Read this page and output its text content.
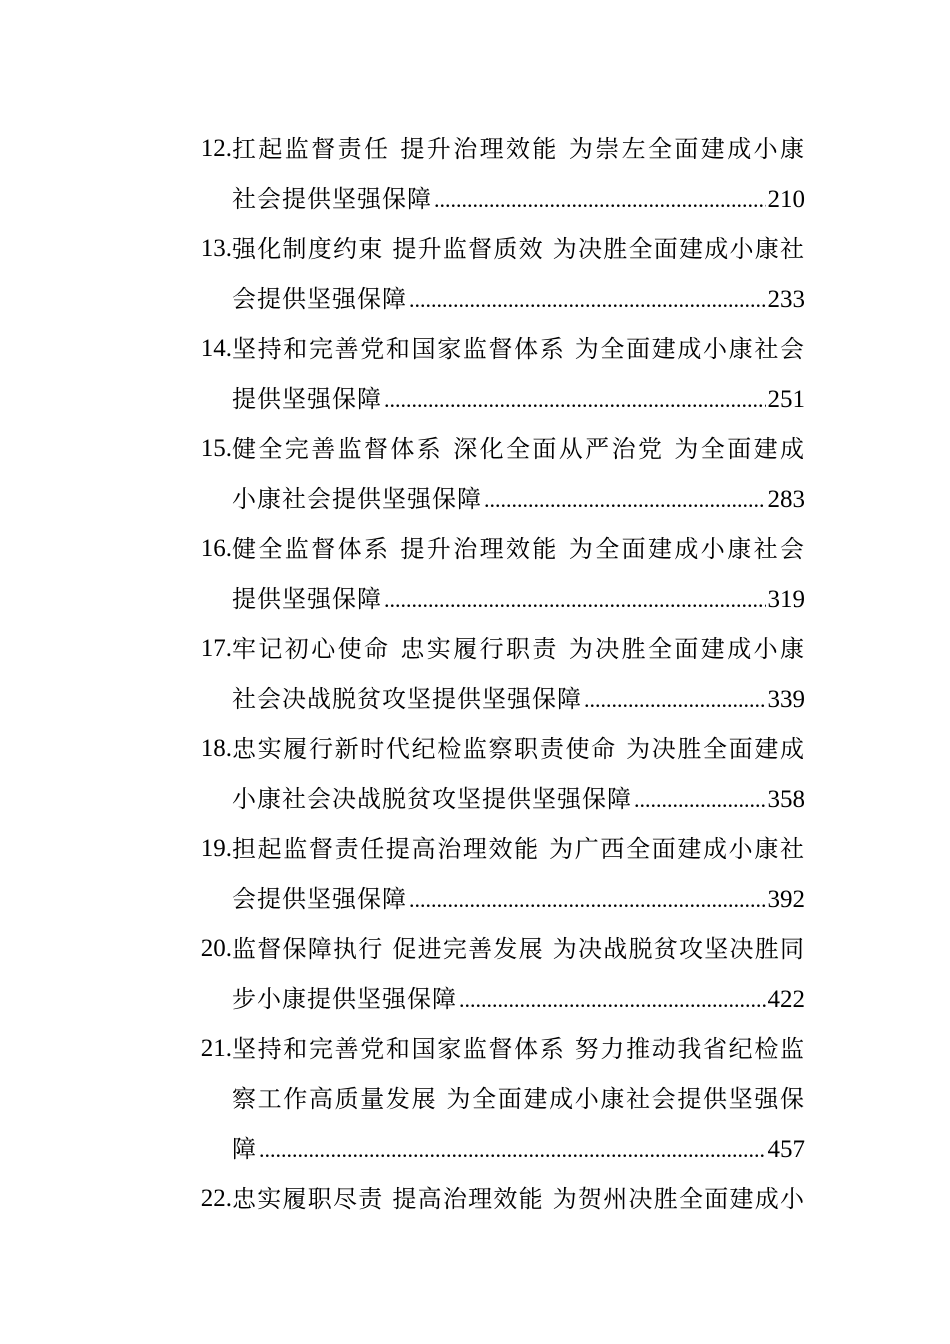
12. 扛起监督责任 提升治理效能 为崇左全面建成小康
社会提供坚强保障 .....	210
13. 强化制度约束 提升监督质效 为决胜全面建成小康社
会提供坚强保障 .....	233
14. 坚持和完善党和国家监督体系 为全面建成小康社会
提供坚强保障 .....	251
15. 健全完善监督体系 深化全面从严治党 为全面建成
小康社会提供坚强保障 .....	283
16. 健全监督体系 提升治理效能 为全面建成小康社会
提供坚强保障 .....	319
17. 牢记初心使命 忠实履行职责 为决胜全面建成小康
社会决战脱贫攻坚提供坚强保障 .....	339
18. 忠实履行新时代纪检监察职责使命 为决胜全面建成
小康社会决战脱贫攻坚提供坚强保障 .....	358
19. 担起监督责任提高治理效能 为广西全面建成小康社
会提供坚强保障 .....	392
20. 监督保障执行 促进完善发展 为决战脱贫攻坚决胜同
步小康提供坚强保障 .....	422
21. 坚持和完善党和国家监督体系 努力推动我省纪检监
察工作高质量发展 为全面建成小康社会提供坚强保
障 .....	457
22. 忠实履职尽责 提高治理效能 为贺州决胜全面建成小
